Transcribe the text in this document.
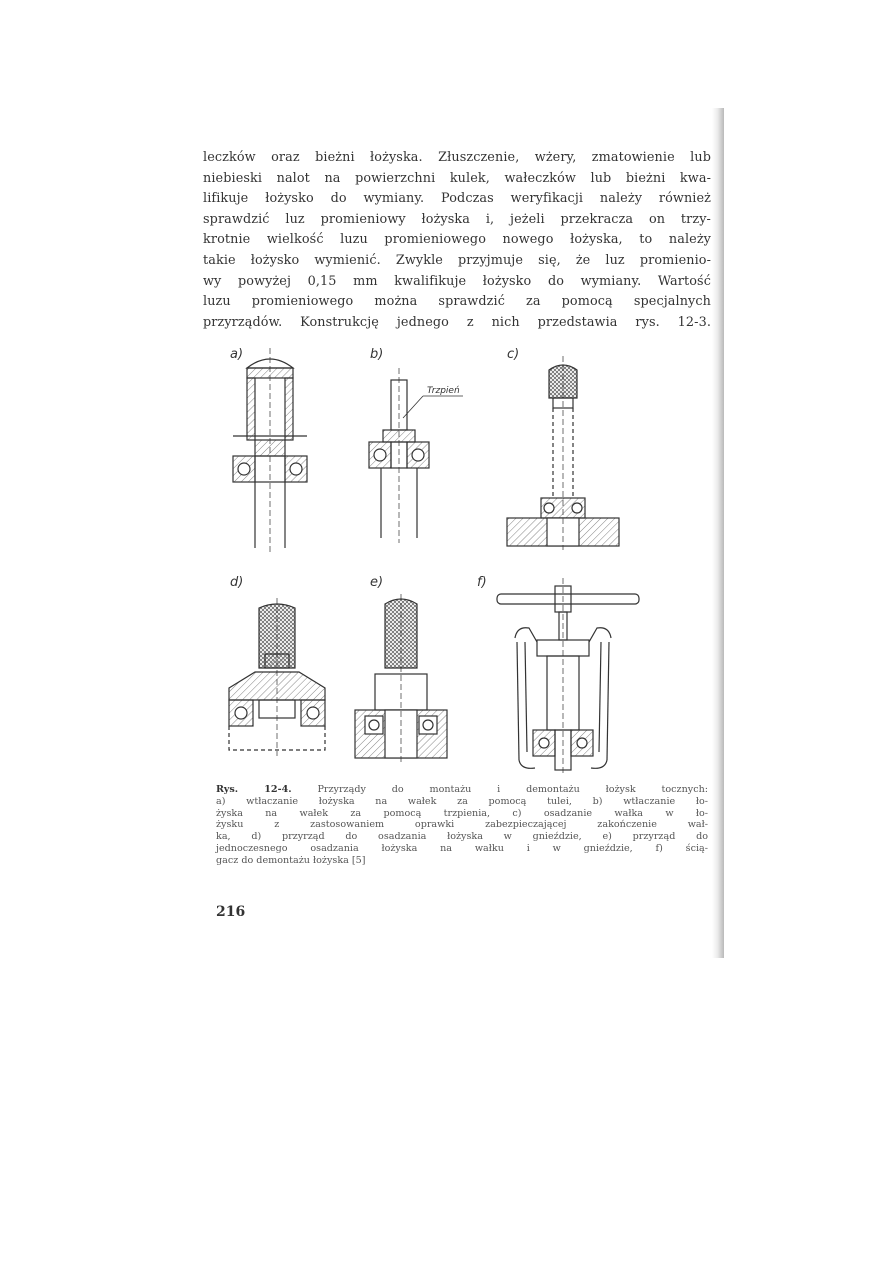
leczków oraz bieżni łożyska. Złuszczenie, wżery, zmatowienie lub
niebieski nalot na powierzchni kulek, wałeczków lub bieżni kwa-
lifikuje łożysko do wymiany. Podczas weryfikacji należy również
sprawdzić luz promieniowy łożyska i, jeżeli przekracza on trzy-
krotnie wielkość luzu promieniowego nowego łożyska, to należy
takie łożysko wymienić. Zwykle przyjmuje się, że luz promienio-
wy powyżej 0,15 mm kwalifikuje łożysko do wymiany. Wartość
luzu promieniowego można sprawdzić za pomocą specjalnych
przyrządów. Konstrukcję jednego z nich przedstawia rys. 12-3.
a)	b)	c)
d)	e)	f)
Trzpień
Rys. 12-4.	Przyrządy do montażu i demontażu łożysk tocznych:
a) wtłaczanie łożyska na wałek za pomocą tulei, b) wtłaczanie ło-
żyska na wałek za pomocą trzpienia, c) osadzanie wałka w ło-
żysku z zastosowaniem oprawki zabezpieczającej zakończenie wał-
ka, d) przyrząd do osadzania łożyska w gnieździe, e) przyrząd do
jednoczesnego osadzania łożyska na wałku i w gnieździe, f) ścią-
gacz do demontażu łożyska [5]
216
